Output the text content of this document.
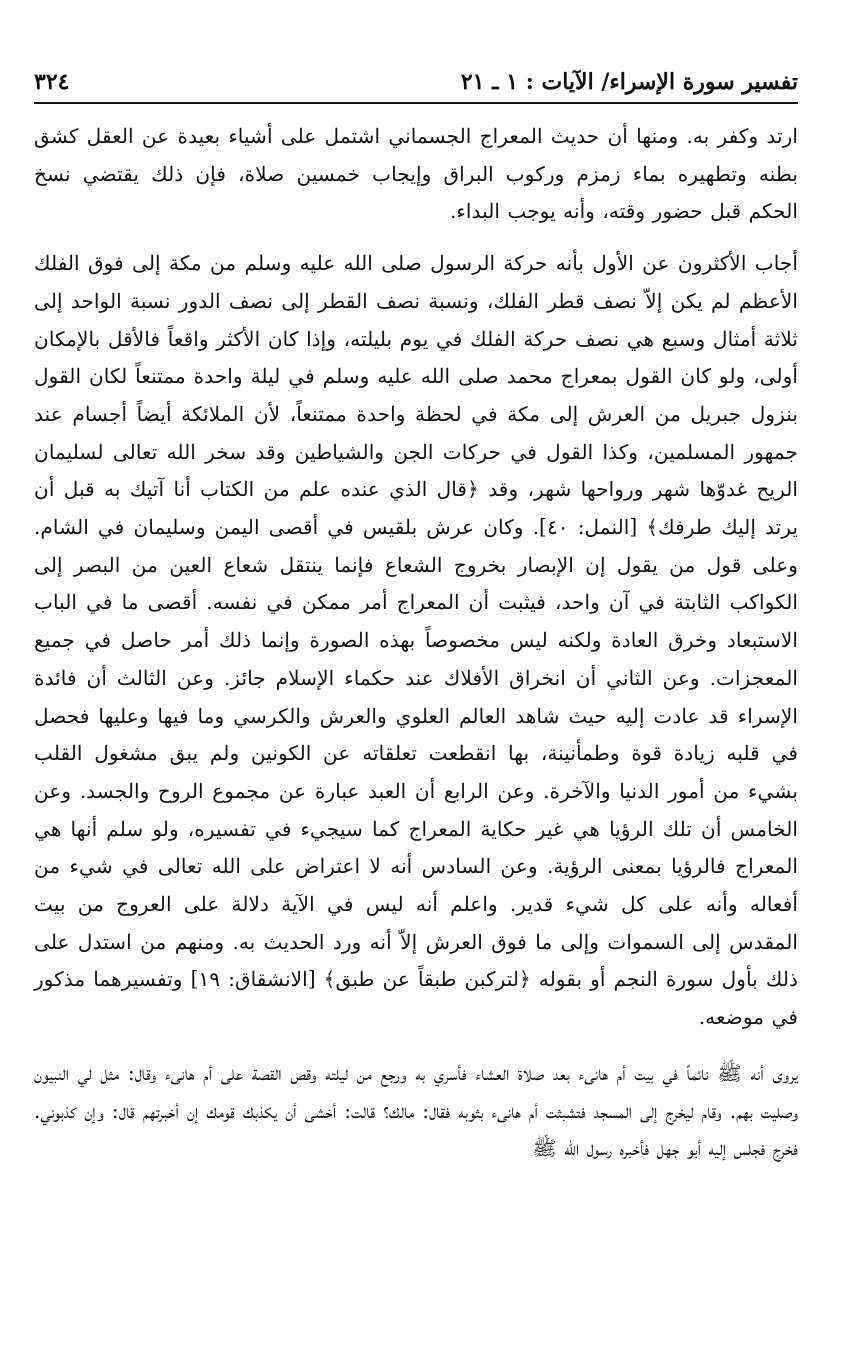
٣٢٤	تفسير سورة الإسراء/ الآيات : ١ ـ ٢١

ارتد وكفر به. ومنها أن حديث المعراج الجسماني اشتمل على أشياء بعيدة عن العقل كشق بطنه وتطهيره بماء زمزم وركوب البراق وإيجاب خمسين صلاة، فإن ذلك يقتضي نسخ الحكم قبل حضور وقته، وأنه يوجب البداء.

أجاب الأكثرون عن الأول بأنه حركة الرسول صلى الله عليه وسلم من مكة إلى فوق الفلك الأعظم لم يكن إلاّ نصف قطر الفلك، ونسبة نصف القطر إلى نصف الدور نسبة الواحد إلى ثلاثة أمثال وسبع هي نصف حركة الفلك في يوم بليلته، وإذا كان الأكثر واقعاً فالأقل بالإمكان أولى، ولو كان القول بمعراج محمد صلى الله عليه وسلم في ليلة واحدة ممتنعاً لكان القول بنزول جبريل من العرش إلى مكة في لحظة واحدة ممتنعاً، لأن الملائكة أيضاً أجسام عند جمهور المسلمين، وكذا القول في حركات الجن والشياطين وقد سخر الله تعالى لسليمان الريح غدوّها شهر ورواحها شهر، وقد ﴿قال الذي عنده علم من الكتاب أنا آتيك به قبل أن يرتد إليك طرفك﴾ [النمل: ٤٠]. وكان عرش بلقيس في أقصى اليمن وسليمان في الشام. وعلى قول من يقول إن الإبصار بخروج الشعاع فإنما ينتقل شعاع العين من البصر إلى الكواكب الثابتة في آن واحد، فيثبت أن المعراج أمر ممكن في نفسه. أقصى ما في الباب الاستبعاد وخرق العادة ولكنه ليس مخصوصاً بهذه الصورة وإنما ذلك أمر حاصل في جميع المعجزات. وعن الثاني أن انخراق الأفلاك عند حكماء الإسلام جائز. وعن الثالث أن فائدة الإسراء قد عادت إليه حيث شاهد العالم العلوي والعرش والكرسي وما فيها وعليها فحصل في قلبه زيادة قوة وطمأنينة، بها انقطعت تعلقاته عن الكونين ولم يبق مشغول القلب بشيء من أمور الدنيا والآخرة. وعن الرابع أن العبد عبارة عن مجموع الروح والجسد. وعن الخامس أن تلك الرؤيا هي غير حكاية المعراج كما سيجيء في تفسيره، ولو سلم أنها هي المعراج فالرؤيا بمعنى الرؤية. وعن السادس أنه لا اعتراض على الله تعالى في شيء من أفعاله وأنه على كل شيء قدير. واعلم أنه ليس في الآية دلالة على العروج من بيت المقدس إلى السموات وإلى ما فوق العرش إلاّ أنه ورد الحديث به. ومنهم من استدل على ذلك بأول سورة النجم أو بقوله ﴿لتركبن طبقاً عن طبق﴾ [الانشقاق: ١٩] وتفسيرهما مذكور في موضعه.

يروى أنه ﷺ نائماً في بيت أم هانىء بعد صلاة العشاء فأسري به ورجع من ليلته وقص القصة على أم هانىء وقال: مثل لي النبيون وصليت بهم. وقام ليخرج إلى المسجد فتشبثت أم هانىء بثوبه فقال: مالك؟ قالت: أخشى أن يكذبك قومك إن أخبرتهم قال: وإن كذبوني. فخرج فجلس إليه أبو جهل فأخبره رسول الله ﷺ
